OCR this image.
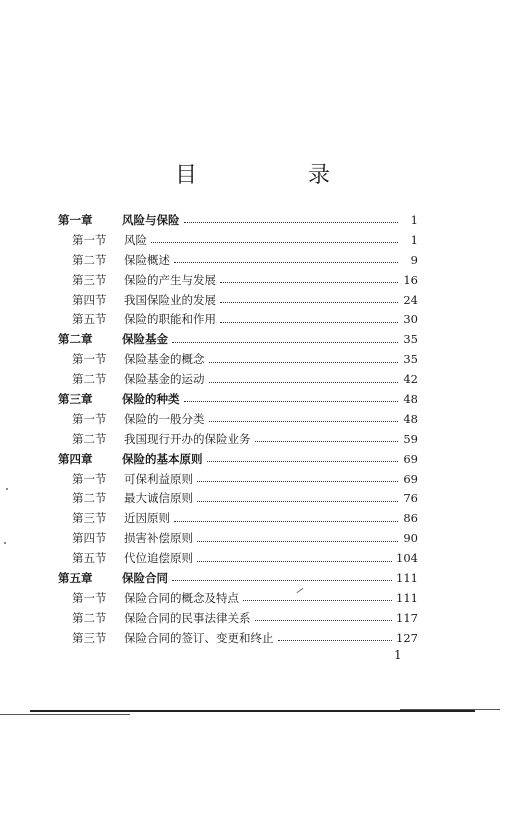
目 录
第一章	风险与保险	1
第一节	风险	1
第二节	保险概述	9
第三节	保险的产生与发展	16
第四节	我国保险业的发展	24
第五节	保险的职能和作用	30
第二章	保险基金	35
第一节	保险基金的概念	35
第二节	保险基金的运动	42
第三章	保险的种类	48
第一节	保险的一般分类	48
第二节	我国现行开办的保险业务	59
第四章	保险的基本原则	69
第一节	可保利益原则	69
第二节	最大诚信原则	76
第三节	近因原则	86
第四节	损害补偿原则	90
第五节	代位追偿原则	104
第五章	保险合同	111
第一节	保险合同的概念及特点	111
第二节	保险合同的民事法律关系	117
第三节	保险合同的签订、变更和终止	127
1
